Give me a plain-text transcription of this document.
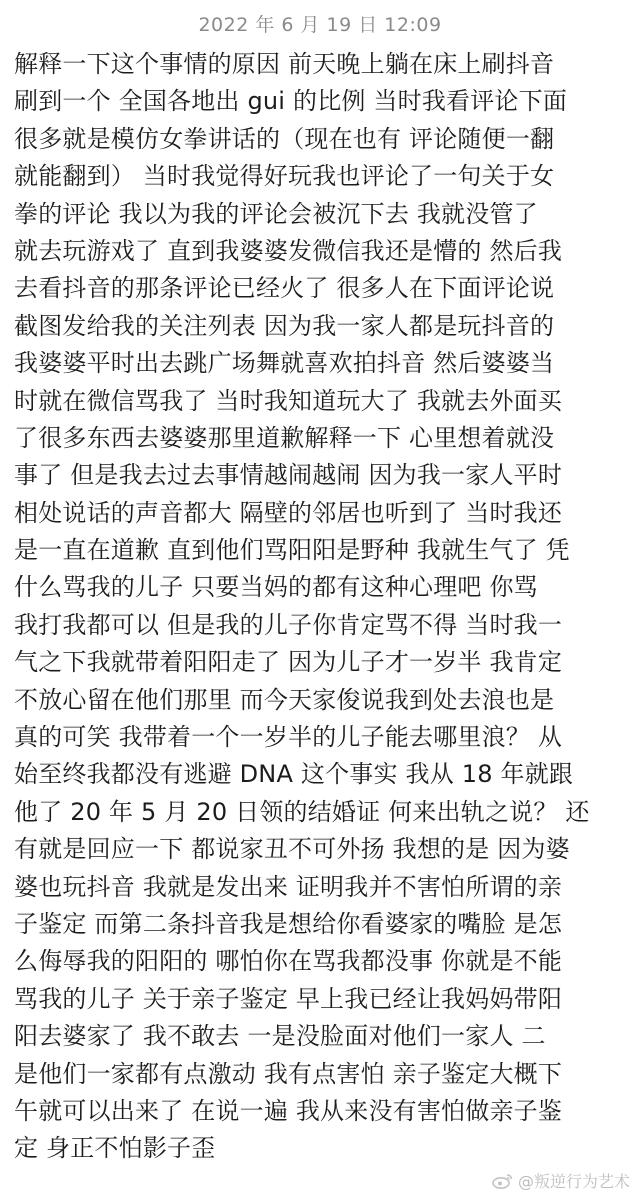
2022 年 6 月 19 日 12:09
解释一下这个事情的原因 前天晚上躺在床上刷抖音
刷到一个 全国各地出 gui 的比例 当时我看评论下面
很多就是模仿女拳讲话的（现在也有 评论随便一翻
就能翻到） 当时我觉得好玩我也评论了一句关于女
拳的评论 我以为我的评论会被沉下去 我就没管了
就去玩游戏了 直到我婆婆发微信我还是懵的 然后我
去看抖音的那条评论已经火了 很多人在下面评论说
截图发给我的关注列表 因为我一家人都是玩抖音的
我婆婆平时出去跳广场舞就喜欢拍抖音 然后婆婆当
时就在微信骂我了 当时我知道玩大了 我就去外面买
了很多东西去婆婆那里道歉解释一下 心里想着就没
事了 但是我去过去事情越闹越闹 因为我一家人平时
相处说话的声音都大 隔壁的邻居也听到了 当时我还
是一直在道歉 直到他们骂阳阳是野种 我就生气了 凭
什么骂我的儿子 只要当妈的都有这种心理吧 你骂
我打我都可以 但是我的儿子你肯定骂不得 当时我一
气之下我就带着阳阳走了 因为儿子才一岁半 我肯定
不放心留在他们那里 而今天家俊说我到处去浪也是
真的可笑 我带着一个一岁半的儿子能去哪里浪？ 从
始至终我都没有逃避 DNA 这个事实 我从 18 年就跟
他了 20 年 5 月 20 日领的结婚证 何来出轨之说？ 还
有就是回应一下 都说家丑不可外扬 我想的是 因为婆
婆也玩抖音 我就是发出来 证明我并不害怕所谓的亲
子鉴定 而第二条抖音我是想给你看婆家的嘴脸 是怎
么侮辱我的阳阳的 哪怕你在骂我都没事 你就是不能
骂我的儿子 关于亲子鉴定 早上我已经让我妈妈带阳
阳去婆家了 我不敢去 一是没脸面对他们一家人 二
是他们一家都有点激动 我有点害怕 亲子鉴定大概下
午就可以出来了 在说一遍 我从来没有害怕做亲子鉴
定 身正不怕影子歪
@叛逆行为艺术
